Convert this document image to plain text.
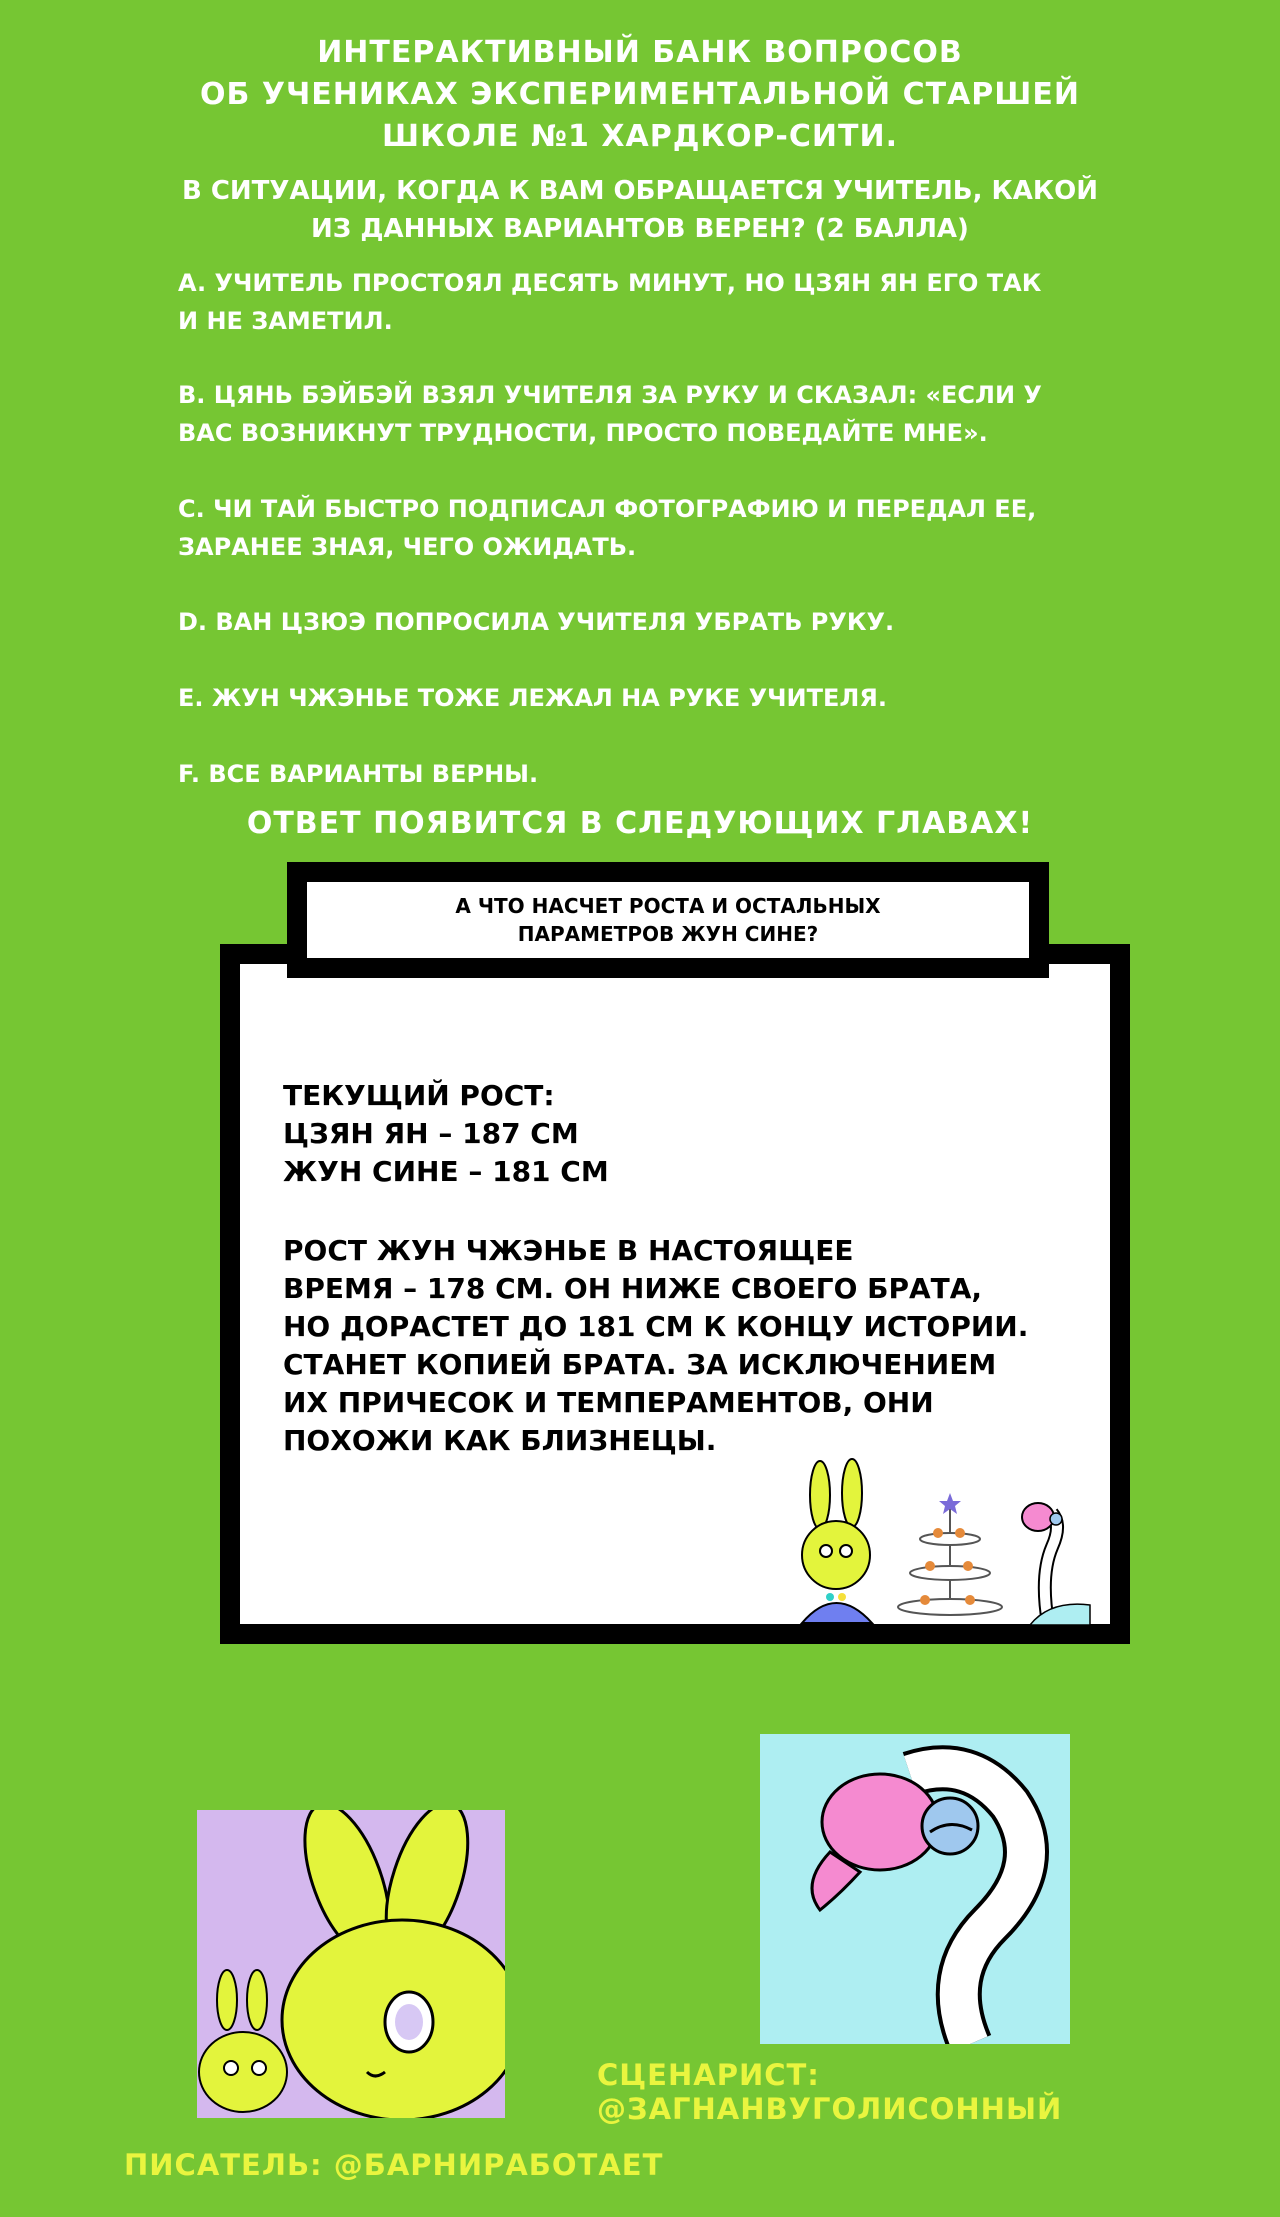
ИНТЕРАКТИВНЫЙ БАНК ВОПРОСОВ
ОБ УЧЕНИКАХ ЭКСПЕРИМЕНТАЛЬНОЙ СТАРШЕЙ
ШКОЛЕ №1 ХАРДКОР-СИТИ.
В СИТУАЦИИ, КОГДА К ВАМ ОБРАЩАЕТСЯ УЧИТЕЛЬ, КАКОЙ
ИЗ ДАННЫХ ВАРИАНТОВ ВЕРЕН? (2 БАЛЛА)
A. УЧИТЕЛЬ ПРОСТОЯЛ ДЕСЯТЬ МИНУТ, НО ЦЗЯН ЯН ЕГО ТАК
И НЕ ЗАМЕТИЛ.
B. ЦЯНЬ БЭЙБЭЙ ВЗЯЛ УЧИТЕЛЯ ЗА РУКУ И СКАЗАЛ: «ЕСЛИ У
ВАС ВОЗНИКНУТ ТРУДНОСТИ, ПРОСТО ПОВЕДАЙТЕ МНЕ».
C. ЧИ ТАЙ БЫСТРО ПОДПИСАЛ ФОТОГРАФИЮ И ПЕРЕДАЛ ЕЕ,
ЗАРАНЕЕ ЗНАЯ, ЧЕГО ОЖИДАТЬ.
D. ВАН ЦЗЮЭ ПОПРОСИЛА УЧИТЕЛЯ УБРАТЬ РУКУ.
E. ЖУН ЧЖЭНЬЕ ТОЖЕ ЛЕЖАЛ НА РУКЕ УЧИТЕЛЯ.
F. ВСЕ ВАРИАНТЫ ВЕРНЫ.
ОТВЕТ ПОЯВИТСЯ В СЛЕДУЮЩИХ ГЛАВАХ!
А ЧТО НАСЧЕТ РОСТА И ОСТАЛЬНЫХ
ПАРАМЕТРОВ ЖУН СИНЕ?
ТЕКУЩИЙ РОСТ:
ЦЗЯН ЯН – 187 СМ
ЖУН СИНЕ – 181 СМ
РОСТ ЖУН ЧЖЭНЬЕ В НАСТОЯЩЕЕ
ВРЕМЯ – 178 СМ. ОН НИЖЕ СВОЕГО БРАТА,
НО ДОРАСТЕТ ДО 181 СМ К КОНЦУ ИСТОРИИ.
СТАНЕТ КОПИЕЙ БРАТА. ЗА ИСКЛЮЧЕНИЕМ
ИХ ПРИЧЕСОК И ТЕМПЕРАМЕНТОВ, ОНИ
ПОХОЖИ КАК БЛИЗНЕЦЫ.
СЦЕНАРИСТ: @ЗАГНАНВУГОЛИСОННЫЙ
ПИСАТЕЛЬ: @БАРНИРАБОТАЕТ
